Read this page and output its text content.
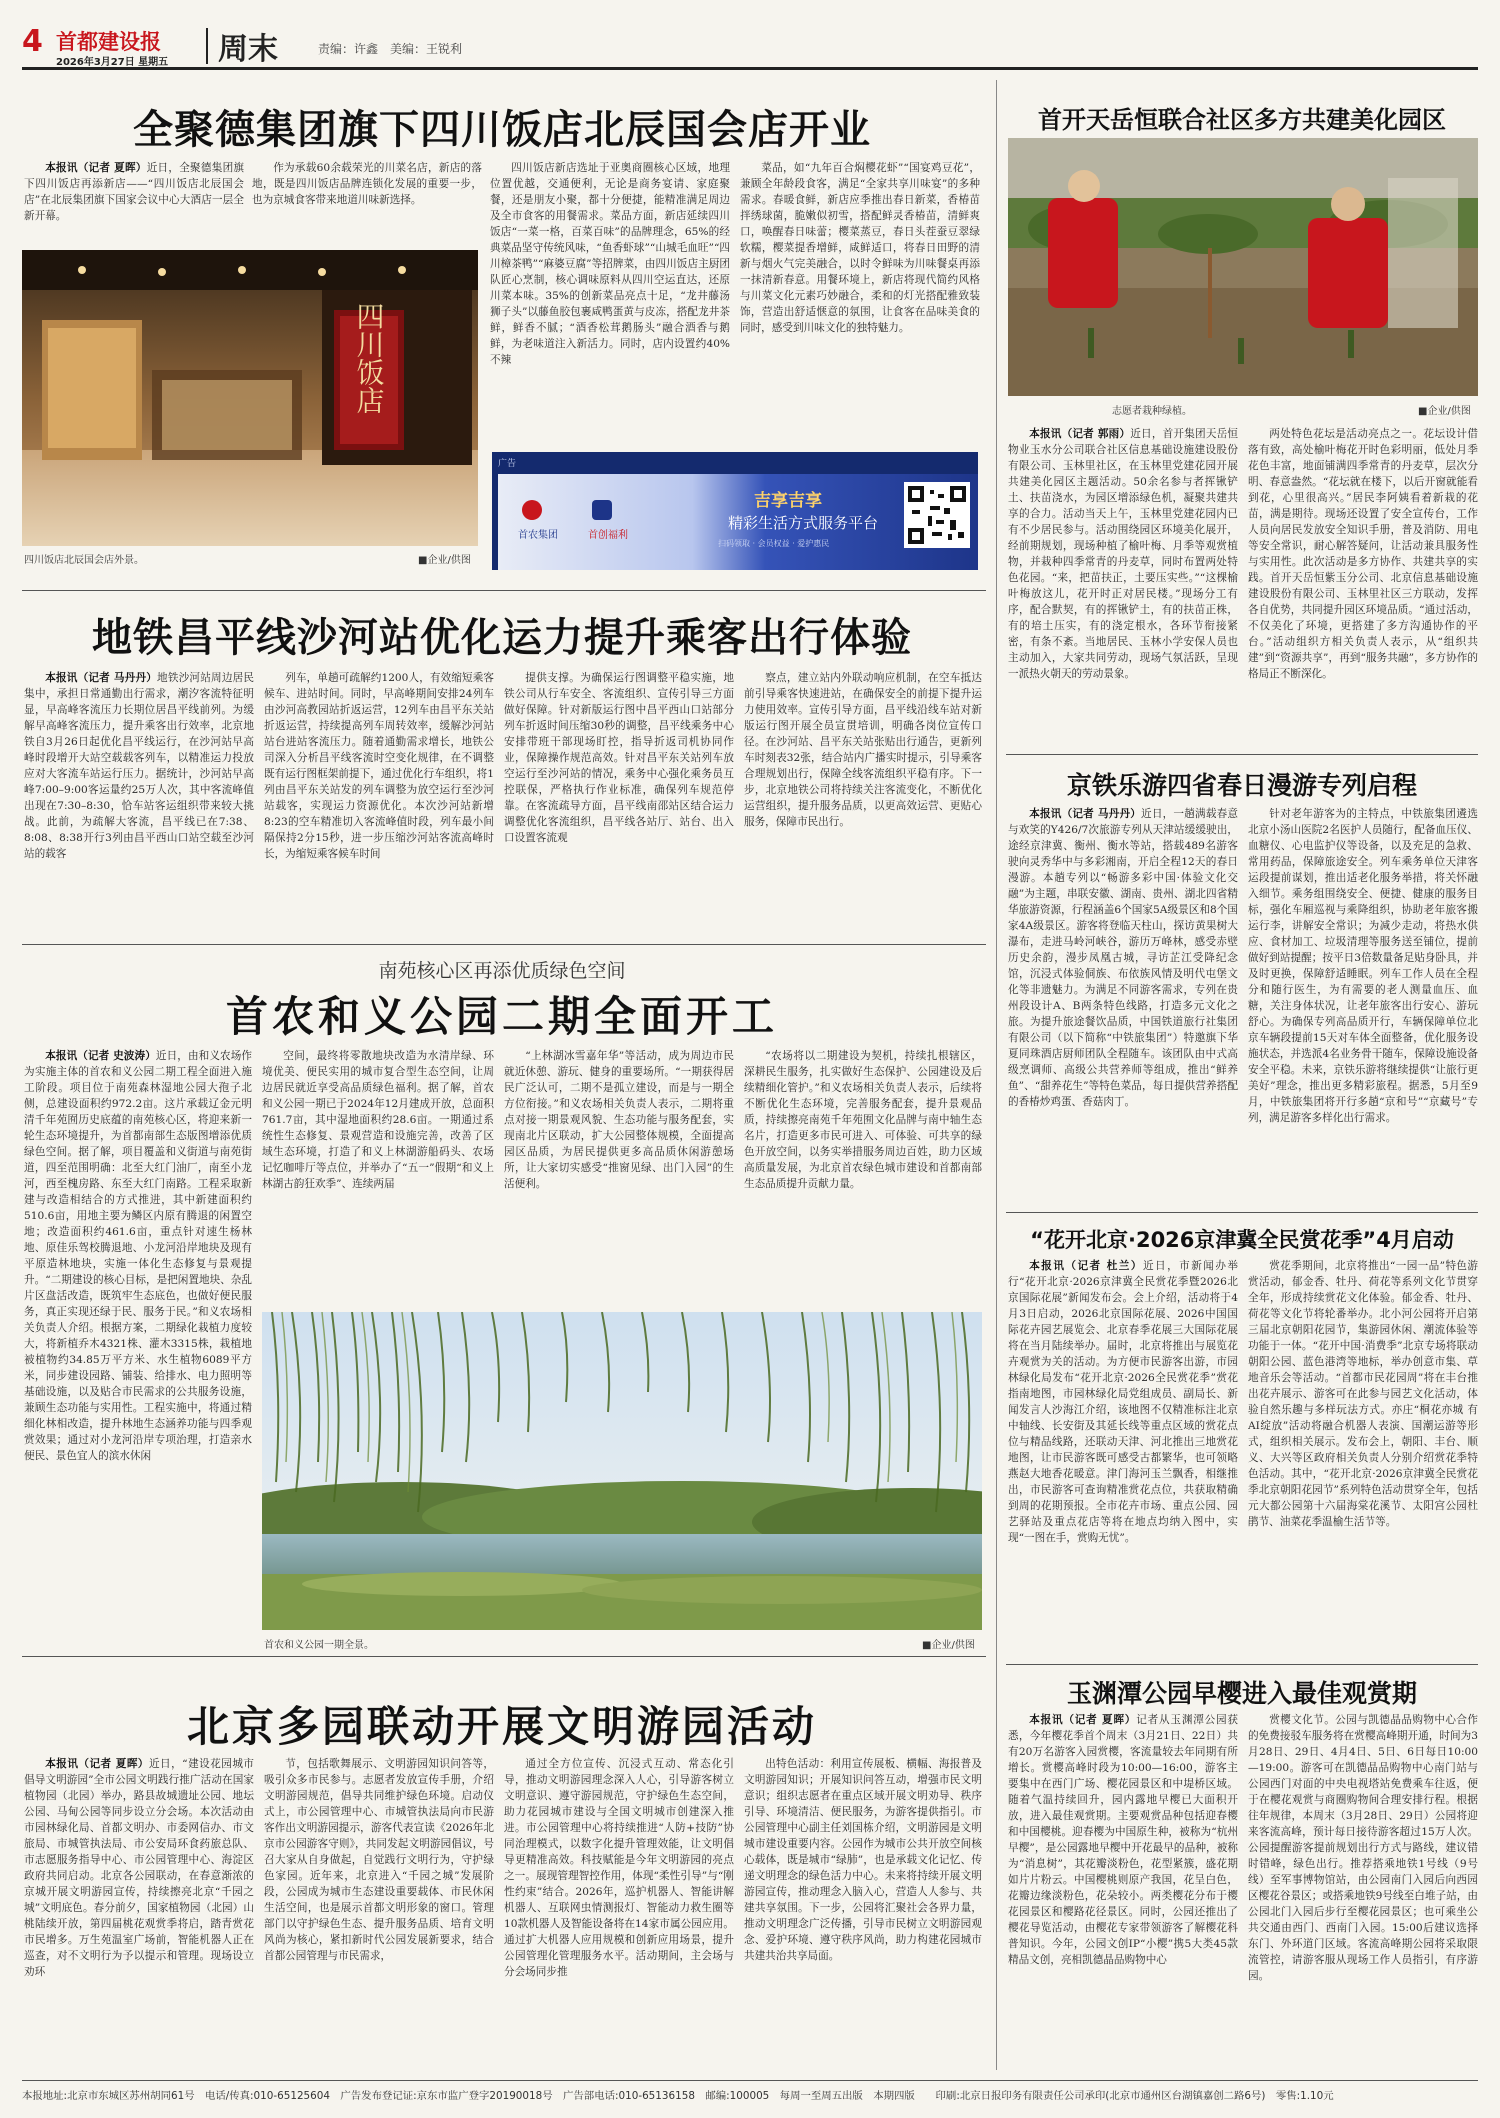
4 首都建设报
2026年3月27日 星期五 周末	责编：许鑫　美编：王锐利
全聚德集团旗下四川饭店北辰国会店开业

本报讯（记者 夏晖）近日，全聚德集团旗下四川饭店再添新店——“四川饭店北辰国会店”在北辰集团旗下国家会议中心大酒店一层全新开幕。

作为承载60余载荣光的川菜名店，新店的落地，既是四川饭店品牌连锁化发展的重要一步，也为京城食客带来地道川味新选择。

四川饭店
四川饭店北辰国会店外景。	■企业/供图

四川饭店新店选址于亚奥商圈核心区域，地理位置优越，交通便利，无论是商务宴请、家庭聚餐，还是朋友小聚，都十分便捷，能精准满足周边及全市食客的用餐需求。菜品方面，新店延续四川饭店“一菜一格，百菜百味”的品牌理念，65%的经典菜品坚守传统风味，“鱼香虾球”“山城毛血旺”“四川樟茶鸭”“麻婆豆腐”等招牌菜，由四川饭店主厨团队匠心烹制，核心调味原料从四川空运直达，还原川菜本味。35%的创新菜品亮点十足，“龙井藤汤狮子头”以藤鱼胶包裹咸鸭蛋黄与皮冻，搭配龙井茶鲜，鲜香不腻；“酒香松茸鹅肠头”融合酒香与鹅鲜，为老味道注入新活力。同时，店内设置约40%不辣

菜品，如“九年百合焖樱花虾”“国宴鸡豆花”，兼顾全年龄段食客，满足“全家共享川味宴”的多种需求。春暖食鲜，新店应季推出春日新菜，香椿苗拌绣球菌，脆嫩似初雪，搭配鲜灵香椿苗，清鲜爽口，唤醒春日味蕾；樱菜蒸豆，春日头茬蚕豆翠绿软糯，樱菜提香增鲜，咸鲜适口，将春日田野的清新与烟火气完美融合，以时令鲜味为川味餐桌再添一抹清新春意。用餐环境上，新店将现代简约风格与川菜文化元素巧妙融合，柔和的灯光搭配雅致装饰，营造出舒适惬意的氛围，让食客在品味美食的同时，感受到川味文化的独特魅力。

广告
首农集团	首创福利
吉享吉享
精彩生活方式服务平台
扫码领取 · 会员权益 · 爱护惠民
地铁昌平线沙河站优化运力提升乘客出行体验

本报讯（记者 马丹丹）地铁沙河站周边居民集中，承担日常通勤出行需求，潮汐客流特征明显，早高峰客流压力长期位居昌平线前列。为缓解早高峰客流压力，提升乘客出行效率，北京地铁自3月26日起优化昌平线运行，在沙河站早高峰时段增开大站空载载客列车，以精准运力投放应对大客流车站运行压力。据统计，沙河站早高峰7:00–9:00客运量约25万人次，其中客流峰值出现在7:30–8:30，恰车站客运组织带来较大挑战。此前，为疏解大客流，昌平线已在7:38、8:08、8:38开行3列由昌平西山口站空载至沙河站的载客

列车，单趟可疏解约1200人，有效缩短乘客候车、进站时间。同时，早高峰期间安排24列车由沙河高教园站折返运营，12列车由昌平东关站折返运营，持续提高列车周转效率，缓解沙河站站台进站客流压力。随着通勤需求增长，地铁公司深入分析昌平线客流时空变化规律，在不调整既有运行图框架前提下，通过优化行车组织，将1列由昌平东关站发的列车调整为放空运行至沙河站载客，实现运力资源优化。本次沙河站新增8:23的空车精准切入客流峰值时段，列车最小间隔保持2分15秒，进一步压缩沙河站客流高峰时长，为缩短乘客候车时间

提供支撑。为确保运行图调整平稳实施，地铁公司从行车安全、客流组织、宣传引导三方面做好保障。针对新版运行图中昌平西山口站部分列车折返时间压缩30秒的调整，昌平线乘务中心安排带班干部现场盯控，指导折返司机协同作业，保障操作规范高效。针对昌平东关站列车放空运行至沙河站的情况，乘务中心强化乘务员互控联保，严格执行作业标准，确保列车规范停靠。在客流疏导方面，昌平线南邵站区结合运力调整优化客流组织，昌平线各站厅、站台、出入口设置客流观

察点，建立站内外联动响应机制，在空车抵达前引导乘客快速进站，在确保安全的前提下提升运力使用效率。宣传引导方面，昌平线沿线车站对新版运行图开展全员宣贯培训，明确各岗位宣传口径。在沙河站、昌平东关站张贴出行通告，更新列车时刻表32张，结合站内广播实时提示，引导乘客合理规划出行，保障全线客流组织平稳有序。下一步，北京地铁公司将持续关注客流变化，不断优化运营组织，提升服务品质，以更高效运营、更贴心服务，保障市民出行。

南苑核心区再添优质绿色空间
首农和义公园二期全面开工

本报讯（记者 史波涛）近日，由和义农场作为实施主体的首农和义公园二期工程全面进入施工阶段。项目位于南苑森林湿地公园大孢子北侧，总建设面积约972.2亩。这片承载辽金元明清千年苑囿历史底蕴的南苑核心区，将迎来新一轮生态环境提升，为首都南部生态版图增添优质绿色空间。据了解，项目覆盖和义街道与南苑街道，四至范围明确：北至大红门油厂，南至小龙河，西至槐房路、东至大红门南路。工程采取新建与改造相结合的方式推进，其中新建面积约510.6亩，用地主要为鳞区内原有腾退的闲置空地；改造面积约461.6亩，重点针对速生杨林地、原佳乐驾校腾退地、小龙河沿岸地块及现有平原造林地块，实施一体化生态修复与景观提升。“二期建设的核心目标，是把闲置地块、杂乱片区盘活改造，既筑牢生态底色，也做好便民服务，真正实现还绿于民、服务于民。”和义农场相关负责人介绍。根据方案，二期绿化栽植力度较大，将新植乔木4321株、灌木3315株，栽植地被植物约34.85万平方米、水生植物6089平方米，同步建设园路、铺装、给排水、电力照明等基础设施，以及贴合市民需求的公共服务设施，兼顾生态功能与实用性。工程实施中，将通过精细化林相改造，提升林地生态涵养功能与四季观赏效果；通过对小龙河沿岸专项治理，打造亲水便民、景色宜人的滨水休闲

空间，最终将零散地块改造为水清岸绿、环境优美、便民实用的城市复合型生态空间，让周边居民就近享受高品质绿色福利。据了解，首农和义公园一期已于2024年12月建成开放，总面积761.7亩，其中湿地面积约28.6亩。一期通过系统性生态修复、景观营造和设施完善，改善了区域生态环境，打造了和义上林湖游船码头、农场记忆咖啡厅等点位，并举办了“五一”假期“和义上林湖古韵狂欢季”、连续两届

“上林湖冰雪嘉年华”等活动，成为周边市民就近休憩、游玩、健身的重要场所。“一期获得居民广泛认可，二期不是孤立建设，而是与一期全方位衔接。”和义农场相关负责人表示，二期将重点对接一期景观风貌、生态功能与服务配套，实现南北片区联动，扩大公园整体规模，全面提高园区品质，为居民提供更多高品质休闲游憩场所，让大家切实感受“推窗见绿、出门入园”的生活便利。

“农场将以二期建设为契机，持续扎根辖区，深耕民生服务，扎实做好生态保护、公园建设及后续精细化管护。”和义农场相关负责人表示，后续将不断优化生态环境，完善服务配套，提升景观品质，持续擦亮南苑千年苑囿文化品牌与南中轴生态名片，打造更多市民可进入、可体验、可共享的绿色开放空间，以务实举措服务周边百姓，助力区域高质量发展，为北京首农绿色城市建设和首都南部生态品质提升贡献力量。

首农和义公园一期全景。	■企业/供图
北京多园联动开展文明游园活动

本报讯（记者 夏晖）近日，“建设花园城市 倡导文明游园”全市公园文明践行推广活动在国家植物园（北园）举办，路县故城遗址公园、地坛公园、马甸公园等同步设立分会场。本次活动由市园林绿化局、首都文明办、市委网信办、市文旅局、市城管执法局、市公安局环食药旅总队、市志愿服务指导中心、市公园管理中心、海淀区政府共同启动。北京各公园联动，在春意渐浓的京城开展文明游园宣传，持续擦亮北京“千园之城”文明底色。春分前夕，国家植物园（北园）山桃陆续开放，第四届桃花观赏季将启，踏青赏花市民增多。万生苑温室广场前，智能机器人正在巡查，对不文明行为予以提示和管理。现场设立劝环

节，包括歌舞展示、文明游园知识问答等，吸引众多市民参与。志愿者发放宣传手册，介绍文明游园规范，倡导共同维护绿色环境。启动仪式上，市公园管理中心、市城管执法局向市民游客作出文明游园提示，游客代表宣读《2026年北京市公园游客守则》，共同发起文明游园倡议，号召大家从自身做起，自觉践行文明行为，守护绿色家园。近年来，北京进入“千园之城”发展阶段，公园成为城市生态建设重要载体、市民休闲生活空间，也是展示首都文明形象的窗口。管理部门以守护绿色生态、提升服务品质、培育文明风尚为核心，紧扣新时代公园发展新要求，结合首都公园管理与市民需求，

通过全方位宣传、沉浸式互动、常态化引导，推动文明游园理念深入人心，引导游客树立文明意识、遵守游园规范，守护绿色生态空间，助力花园城市建设与全国文明城市创建深入推进。市公园管理中心将持续推进“人防+技防”协同治理模式，以数字化提升管理效能，让文明倡导更精准高效。科技赋能是今年文明游园的亮点之一。展现管理智控作用，体现“柔性引导”与“刚性约束”结合。2026年，巡护机器人、智能讲解机器人、互联网虫情测报灯、智能动力救生圈等10款机器人及智能设备将在14家市属公园应用。通过扩大机器人应用规模和创新应用场景，提升公园管理化管理服务水平。活动期间，主会场与分会场同步推

出特色活动：利用宣传展板、横幅、海报普及文明游园知识；开展知识问答互动，增强市民文明意识；组织志愿者在重点区域开展文明劝导、秩序引导、环境清洁、便民服务，为游客提供指引。市公园管理中心副主任刘国栋介绍，文明游园是文明城市建设重要内容。公园作为城市公共开放空间核心载体，既是城市“绿肺”，也是承载文化记忆、传递文明理念的绿色活力中心。未来将持续开展文明游园宣传，推动理念入脑入心，营造人人参与、共建共享氛围。下一步，公园将汇聚社会各界力量，推动文明理念广泛传播，引导市民树立文明游园观念、爱护环境、遵守秩序风尚，助力构建花园城市共建共治共享局面。

首开天岳恒联合社区多方共建美化园区
志愿者栽种绿植。	■企业/供图

本报讯（记者 郭雨）近日，首开集团天岳恒物业玉水分公司联合社区信息基础设施建设股份有限公司、玉林里社区，在玉林里党建花园开展共建美化园区主题活动。50余名参与者挥锹铲土、扶苗浇水，为园区增添绿色机，凝聚共建共享的合力。活动当天上午，玉林里党建花园内已有不少居民参与。活动围绕园区环境美化展开，经前期规划，现场种植了榆叶梅、月季等观赏植物，并栽种四季常青的丹麦草，同时布置两处特色花园。“来，把苗扶正，土要压实些。”“这棵榆叶梅放这儿，花开时正对居民楼。”现场分工有序，配合默契，有的挥锹铲土，有的扶苗正株，有的培土压实，有的浇定根水，各环节衔接紧密，有条不紊。当地居民、玉林小学安保人员也主动加入，大家共同劳动，现场气氛活跃，呈现一派热火朝天的劳动景象。

两处特色花坛是活动亮点之一。花坛设计借落有致，高处榆叶梅花开时色彩明丽，低处月季花色丰富，地面铺满四季常青的丹麦草，层次分明、春意盎然。“花坛就在楼下，以后开窗就能看到花，心里很高兴。”居民李阿姨看着新栽的花苗，满是期待。现场还设置了安全宣传台，工作人员向居民发放安全知识手册，普及消防、用电等安全常识，耐心解答疑问，让活动兼具服务性与实用性。此次活动是多方协作、共建共享的实践。首开天岳恒紫玉分公司、北京信息基础设施建设股份有限公司、玉林里社区三方联动，发挥各自优势，共同提升园区环境品质。“通过活动，不仅美化了环境，更搭建了多方沟通协作的平台。”活动组织方相关负责人表示，从“组织共建”到“资源共享”，再到“服务共融”，多方协作的格局正不断深化。

京铁乐游四省春日漫游专列启程

本报讯（记者 马丹丹）近日，一趟满载春意与欢笑的Y426/7次旅游专列从天津站缓缓驶出，途经京津冀、衡州、衡水等站，搭载489名游客驶向灵秀华中与多彩湘南，开启全程12天的春日漫游。本趟专列以“畅游多彩中国·体验文化交融”为主题，串联安徽、湖南、贵州、湖北四省精华旅游资源，行程涵盖6个国家5A级景区和8个国家4A级景区。游客将登临天柱山，探访黄果树大瀑布，走进马岭河峡谷，游历万峰林，感受赤壁历史余韵，漫步凤凰古城，寻访芷江受降纪念馆，沉浸式体验侗族、布依族风情及明代屯堡文化等非遗魅力。为满足不同游客需求，专列在贵州段设计A、B两条特色线路，打造多元文化之旅。为提升旅途餐饮品质，中国铁道旅行社集团有限公司（以下简称“中铁旅集团”）特邀旗下华夏同珠酒店厨师团队全程随车。该团队由中式高级烹调师、高级公共营养师等组成，推出“鲜养鱼”、“甜养花生”等特色菜品，每日提供营养搭配的香椿炒鸡蛋、香菇肉丁。

针对老年游客为的主特点，中铁旅集团遴选北京小汤山医院2名医护人员随行，配备血压仪、血糖仪、心电监护仪等设备，以及充足的急救、常用药品，保障旅途安全。列车乘务单位天津客运段提前谋划，推出适老化服务举措，将关怀融入细节。乘务组围绕安全、便捷、健康的服务目标，强化车厢巡视与乘降组织，协助老年旅客搬运行李，讲解安全常识；为减少走动，将热水供应、食材加工、垃圾清理等服务送至铺位，提前做好到站提醒；按平日3倍数量备足贴身卧具，并及时更换，保障舒适睡眠。列车工作人员在全程分和随行医生，为有需要的老人测量血压、血糖，关注身体状况，让老年旅客出行安心、游玩舒心。为确保专列高品质开行，车辆保障单位北京车辆段提前15天对车体全面整备，优化服务设施状态，并选派4名业务骨干随车，保障设施设备安全平稳。未来，京铁乐游将继续提供“让旅行更美好”理念，推出更多精彩旅程。据悉，5月至9月，中铁旅集团将开行多趟“京和号”“京藏号”专列，满足游客多样化出行需求。

“花开北京·2026京津冀全民赏花季”4月启动

本报讯（记者 杜兰）近日，市新闻办举行“花开北京·2026京津冀全民赏花季暨2026北京国际花展”新闻发布会。会上介绍，活动将于4月3日启动，2026北京国际花展、2026中国国际花卉园艺展览会、北京春季花展三大国际花展将在当月陆续举办。届时，北京将推出与展览花卉观赏为关的活动。为方便市民游客出游，市园林绿化局发布“花开北京·2026全民赏花季”赏花指南地图，市园林绿化局党组成员、副局长、新闻发言人沙海江介绍，该地图不仅精准标注北京中轴线、长安街及其延长线等重点区域的赏花点位与精品线路，还联动天津、河北推出三地赏花地图，让市民游客既可感受古都繁华，也可领略燕赵大地香花暖意。津门海河玉兰飘香，相继推出，市民游客可查询精准赏花点位，共获取精确到周的花期预报。全市花卉市场、重点公园、园艺驿站及重点花店等将在地点均纳入图中，实现“一图在手，赏购无忧”。

赏花季期间，北京将推出“一园一品”特色游赏活动，郁金香、牡丹、荷花等系列文化节贯穿全年，形成持续赏花文化体验。郁金香、牡丹、荷花等文化节将轮番举办。北小河公园将开启第三届北京朝阳花园节，集游园休闲、潮流体验等功能于一体。“花开中国·消费季”北京专场将联动朝阳公园、蓝色港湾等地标，举办创意市集、草地音乐会等活动。“首都市民花园周”将在丰台推出花卉展示、游客可在此参与园艺文化活动，体验自然乐趣与多样玩法方式。亦庄“桐花亦城 有AI绽放”活动将融合机器人表演、国潮运游等形式，组织相关展示。发布会上，朝阳、丰台、顺义、大兴等区政府相关负责人分别介绍赏花季特色活动。其中，“花开北京·2026京津冀全民赏花季北京朝阳花园节”系列特色活动贯穿全年，包括元大都公园第十六届海棠花溪节、太阳宫公园杜鹃节、油菜花季温榆生活节等。

玉渊潭公园早樱进入最佳观赏期

本报讯（记者 夏晖）记者从玉渊潭公园获悉，今年樱花季首个周末（3月21日、22日）共有20万名游客入园赏樱，客流量较去年同期有所增长。赏樱高峰时段为10:00—16:00，游客主要集中在西门广场、樱花园景区和中堤桥区域。随着气温持续回升，园内露地早樱已大面积开放，进入最佳观赏期。主要观赏品种包括迎春樱和中国樱桃。迎春樱为中国原生种，被称为“杭州早樱”，是公园露地早樱中开花最早的品种，被称为“消息树”，其花瓣淡粉色，花型紧簇，盛花期如片片粉云。中国樱桃则原产我国，花呈白色，花瓣边缘淡粉色，花朵较小。两类樱花分布于樱花园景区和樱路花径景区。同时，公园还推出了樱花导览活动，由樱花专家带领游客了解樱花科普知识。今年，公园文创IP“小樱”携5大类45款精品文创，亮相凯德晶品购物中心

赏樱文化节。公园与凯德晶品购物中心合作的免费接驳车服务将在赏樱高峰期开通，时间为3月28日、29日、4月4日、5日、6日每日10:00—19:00。游客可在凯德晶品购物中心南门站与公园西门对面的中央电视塔站免费乘车往返，便于在樱花观赏与商圈购物间合理安排行程。根据往年规律，本周末（3月28日、29日）公园将迎来客流高峰，预计每日接待游客超过15万人次。公园提醒游客提前规划出行方式与路线，建议错时错峰，绿色出行。推荐搭乘地铁1号线（9号线）至军事博物馆站，由公园南门入园后向西园区樱花谷景区；或搭乘地铁9号线至白堆子站，由公园北门入园后步行至樱花园景区；也可乘坐公共交通由西门、西南门入园。15:00后建议选择东门、外环道门区域。客流高峰期公园将采取限流管控，请游客服从现场工作人员指引，有序游园。

本报地址:北京市东城区苏州胡同61号　电话/传真:010-65125604　广告发布登记证:京东市监广登字20190018号　广告部电话:010-65136158　邮编:100005　每周一至周五出版　本期四版　　印刷:北京日报印务有限责任公司承印(北京市通州区台湖镇嘉创二路6号)　零售:1.10元
